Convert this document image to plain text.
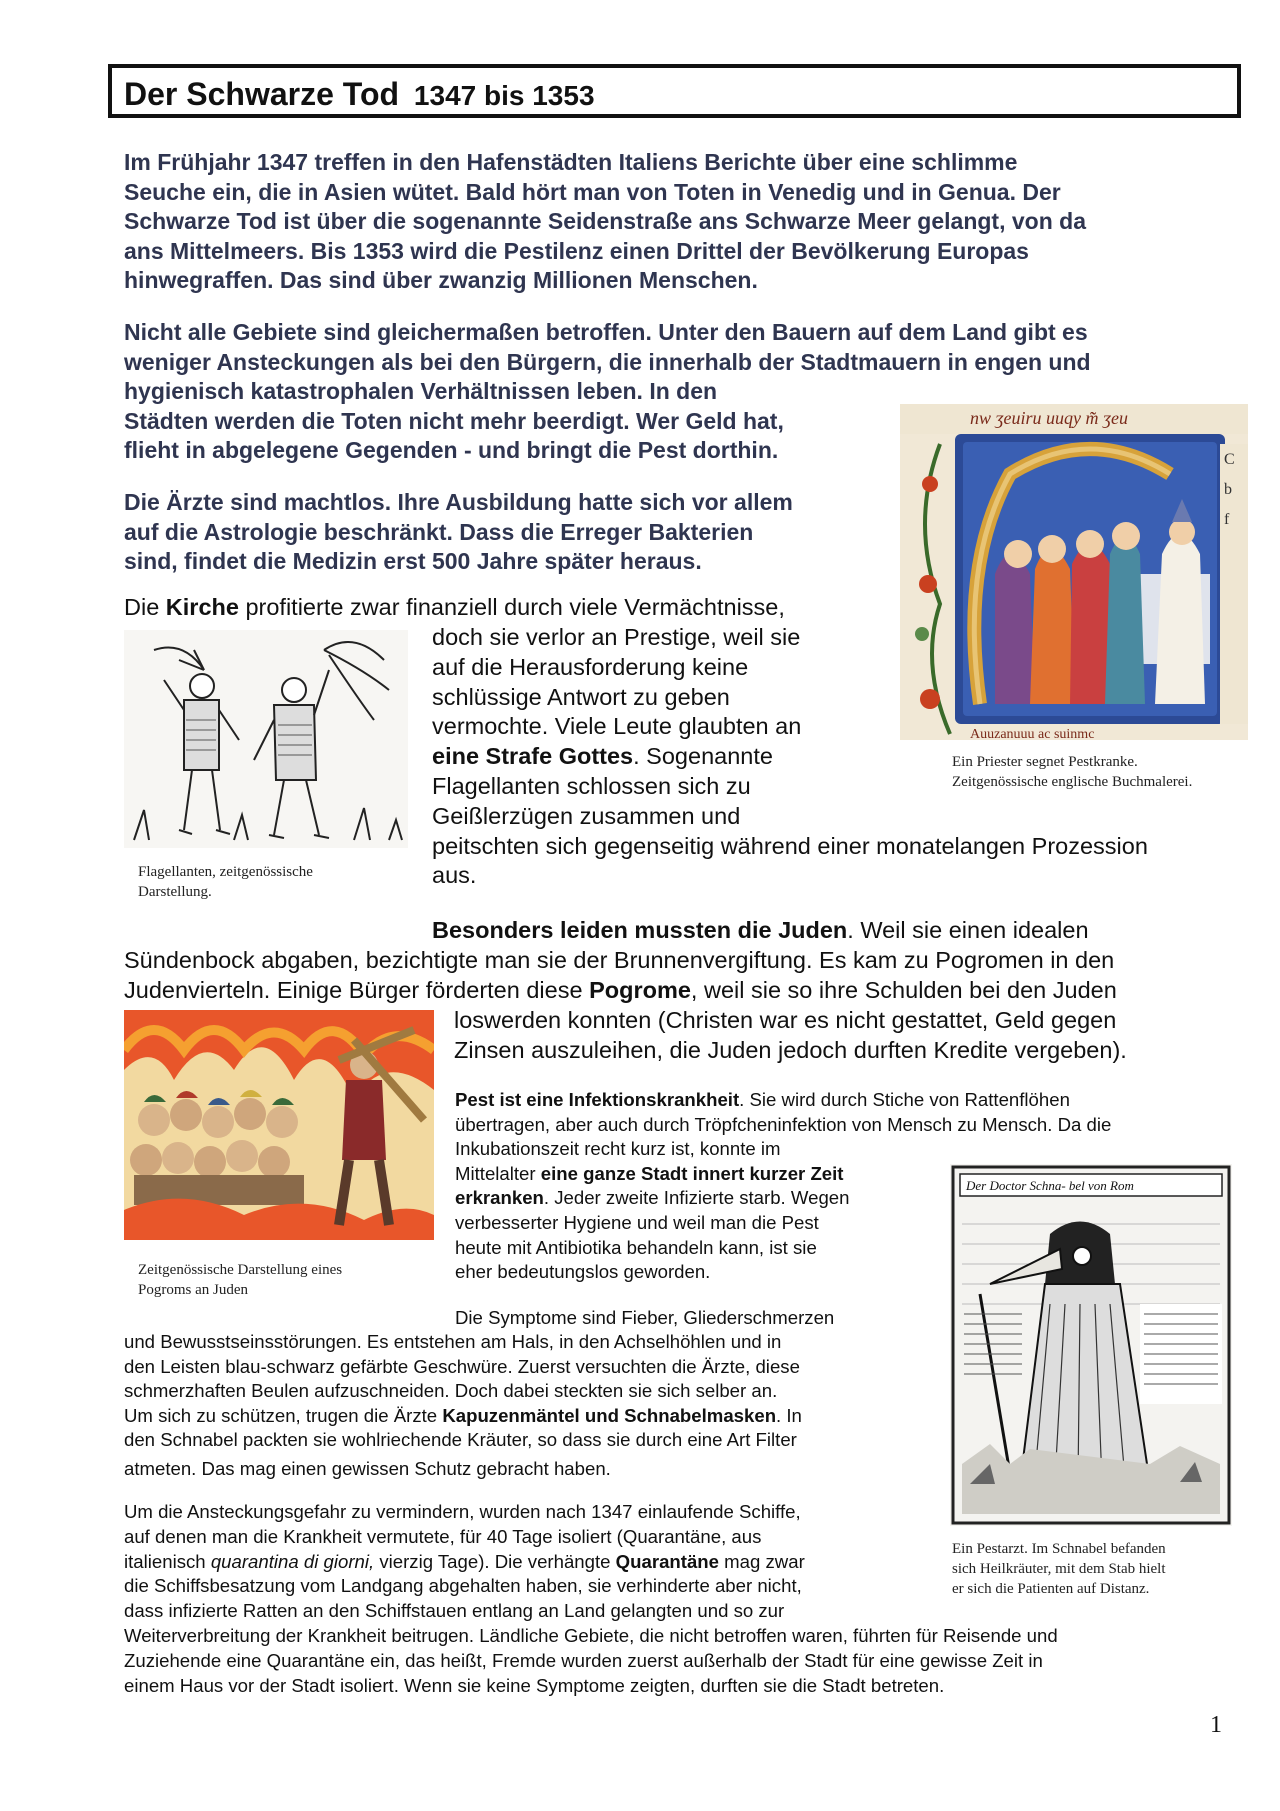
Der Schwarze Tod 1347 bis 1353
Im Frühjahr 1347 treffen in den Hafenstädten Italiens Berichte über eine schlimme
Seuche ein, die in Asien wütet. Bald hört man von Toten in Venedig und in Genua. Der
Schwarze Tod ist über die sogenannte Seidenstraße ans Schwarze Meer gelangt, von da
ans Mittelmeers. Bis 1353 wird die Pestilenz einen Drittel der Bevölkerung Europas
hinwegraffen. Das sind über zwanzig Millionen Menschen.
Nicht alle Gebiete sind gleichermaßen betroffen. Unter den Bauern auf dem Land gibt es
weniger Ansteckungen als bei den Bürgern, die innerhalb der Stadtmauern in engen und
hygienisch katastrophalen Verhältnissen leben. In den
Städten werden die Toten nicht mehr beerdigt. Wer Geld hat,
flieht in abgelegene Gegenden - und bringt die Pest dorthin.
Die Ärzte sind machtlos. Ihre Ausbildung hatte sich vor allem
auf die Astrologie beschränkt. Dass die Erreger Bakterien
sind, findet die Medizin erst 500 Jahre später heraus.
nw ʒeuiru uuqy m̃̃ ʒeu
C
b
f
Auuzanuuu ac suinmc
Ein Priester segnet Pestkranke.
Zeitgenössische englische Buchmalerei.
Die Kirche profitierte zwar finanziell durch viele Vermächtnisse,
doch sie verlor an Prestige, weil sie
auf die Herausforderung keine
schlüssige Antwort zu geben
vermochte. Viele Leute glaubten an
eine Strafe Gottes. Sogenannte
Flagellanten schlossen sich zu
Geißlerzügen zusammen und
peitschten sich gegenseitig während einer monatelangen Prozession
aus.
Flagellanten, zeitgenössische
Darstellung.
Besonders leiden mussten die Juden. Weil sie einen idealen
Sündenbock abgaben, bezichtigte man sie der Brunnenvergiftung. Es kam zu Pogromen in den
Judenvierteln. Einige Bürger förderten diese Pogrome, weil sie so ihre Schulden bei den Juden
loswerden konnten (Christen war es nicht gestattet, Geld gegen
Zinsen auszuleihen, die Juden jedoch durften Kredite vergeben).
Zeitgenössische Darstellung eines
Pogroms an Juden
Pest ist eine Infektionskrankheit. Sie wird durch Stiche von Rattenflöhen
übertragen, aber auch durch Tröpfcheninfektion von Mensch zu Mensch. Da die
Inkubationszeit recht kurz ist, konnte im
Mittelalter eine ganze Stadt innert kurzer Zeit
erkranken. Jeder zweite Infizierte starb. Wegen
verbesserter Hygiene und weil man die Pest
heute mit Antibiotika behandeln kann, ist sie
eher bedeutungslos geworden.
Der Doctor Schna- bel von Rom
Ein Pestarzt. Im Schnabel befanden
sich Heilkräuter, mit dem Stab hielt
er sich die Patienten auf Distanz.
Die Symptome sind Fieber, Gliederschmerzen
und Bewusstseinsstörungen. Es entstehen am Hals, in den Achselhöhlen und in
den Leisten blau-schwarz gefärbte Geschwüre. Zuerst versuchten die Ärzte, diese
schmerzhaften Beulen aufzuschneiden. Doch dabei steckten sie sich selber an.
Um sich zu schützen, trugen die Ärzte Kapuzenmäntel und Schnabelmasken. In
den Schnabel packten sie wohlriechende Kräuter, so dass sie durch eine Art Filter
atmeten. Das mag einen gewissen Schutz gebracht haben.
Um die Ansteckungsgefahr zu vermindern, wurden nach 1347 einlaufende Schiffe,
auf denen man die Krankheit vermutete, für 40 Tage isoliert (Quarantäne, aus
italienisch quarantina di giorni, vierzig Tage). Die verhängte Quarantäne mag zwar
die Schiffsbesatzung vom Landgang abgehalten haben, sie verhinderte aber nicht,
dass infizierte Ratten an den Schiffstauen entlang an Land gelangten und so zur
Weiterverbreitung der Krankheit beitrugen. Ländliche Gebiete, die nicht betroffen waren, führten für Reisende und
Zuziehende eine Quarantäne ein, das heißt, Fremde wurden zuerst außerhalb der Stadt für eine gewisse Zeit in
einem Haus vor der Stadt isoliert. Wenn sie keine Symptome zeigten, durften sie die Stadt betreten.
1
